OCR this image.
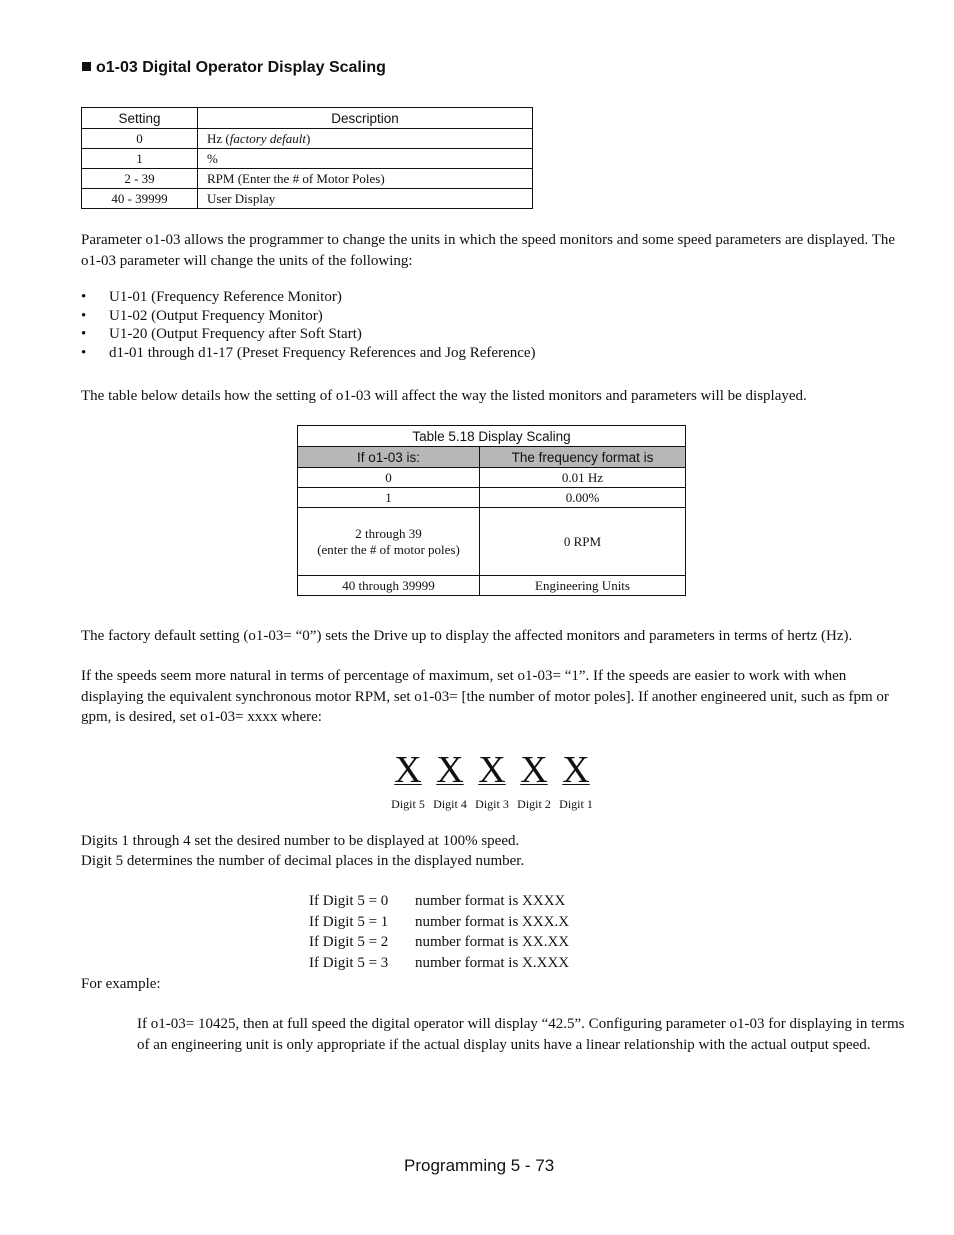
o1-03 Digital Operator Display Scaling
Setting	Description
0	Hz (factory default)
1	%
2 - 39	RPM (Enter the # of Motor Poles)
40 - 39999	User Display
Parameter o1-03 allows the programmer to change the units in which the speed monitors and some speed parameters are displayed. The o1-03 parameter will change the units of the following:
• U1-01 (Frequency Reference Monitor)
• U1-02 (Output Frequency Monitor)
• U1-20 (Output Frequency after Soft Start)
• d1-01 through d1-17 (Preset Frequency References and Jog Reference)
The table below details how the setting of o1-03 will affect the way the listed monitors and parameters will be displayed.
Table 5.18 Display Scaling	
If o1-03 is:	The frequency format is
0	0.01 Hz
1	0.00%

2 through 39
(enter the # of motor poles)	0 RPM
40 through 39999	Engineering Units
The factory default setting (o1-03= “0”) sets the Drive up to display the affected monitors and parameters in terms of hertz (Hz).
If the speeds seem more natural in terms of percentage of maximum, set o1-03= “1”. If the speeds are easier to work with when displaying the equivalent synchronous motor RPM, set o1-03= [the number of motor poles]. If another engineered unit, such as fpm or gpm, is desired, set o1-03= xxxx where:
X
Digit 5
X
Digit 4
X
Digit 3
X
Digit 2
X
Digit 1
Digits 1 through 4 set the desired number to be displayed at 100% speed.
Digit 5 determines the number of decimal places in the displayed number.
If Digit 5 = 0 number format is XXXX
If Digit 5 = 1 number format is XXX.X
If Digit 5 = 2 number format is XX.XX
If Digit 5 = 3 number format is X.XXX
For example:
If o1-03= 10425, then at full speed the digital operator will display “42.5”. Configuring parameter o1-03 for displaying in terms of an engineering unit is only appropriate if the actual display units have a linear relationship with the actual output speed.
Programming 5 - 73
